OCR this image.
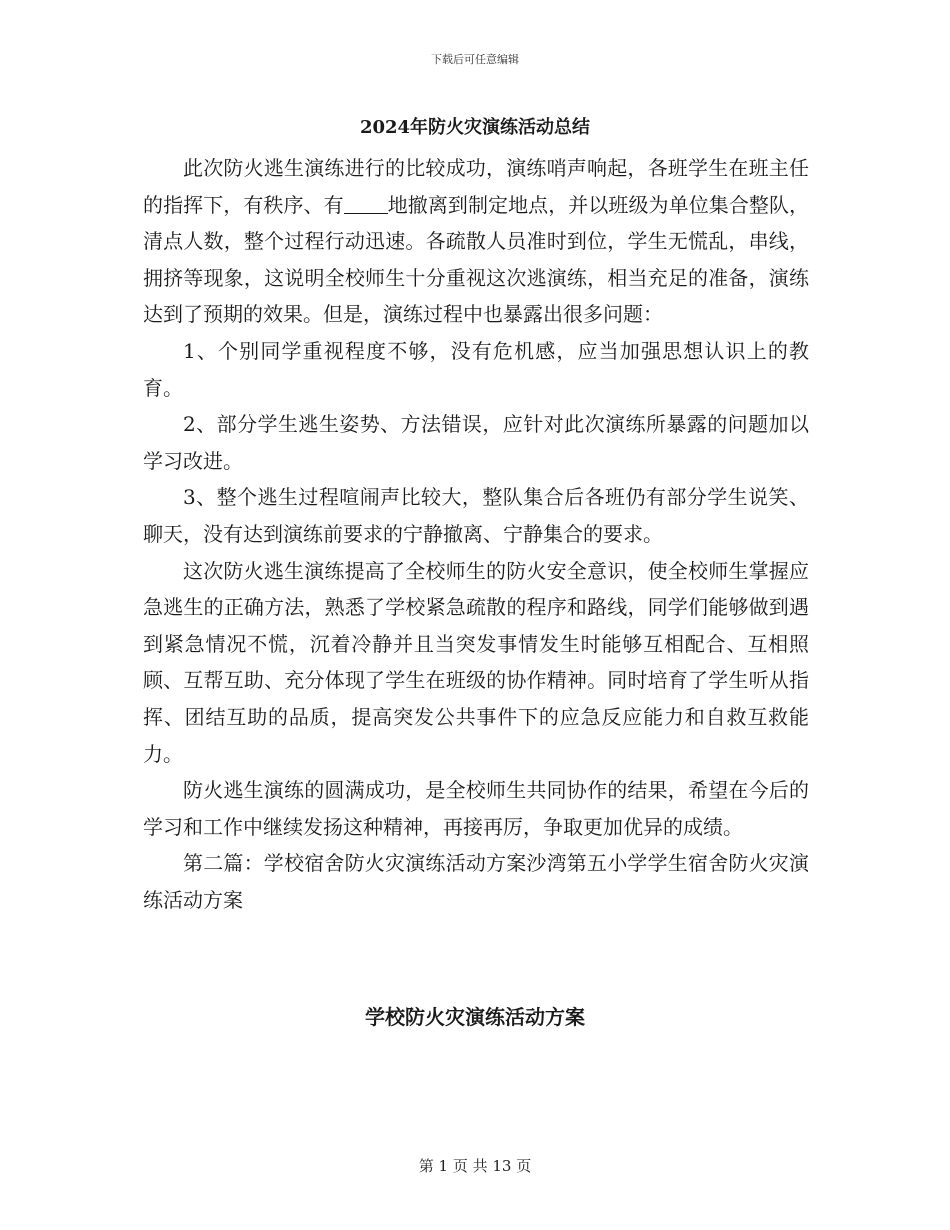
下载后可任意编辑
2024年防火灾演练活动总结

此次防火逃生演练进行的比较成功，演练哨声响起，各班学生在班主任的指挥下，有秩序、有 地撤离到制定地点，并以班级为单位集合整队，清点人数，整个过程行动迅速。各疏散人员准时到位，学生无慌乱，串线，拥挤等现象，这说明全校师生十分重视这次逃演练，相当充足的准备，演练达到了预期的效果。但是，演练过程中也暴露出很多问题：

1、个别同学重视程度不够，没有危机感，应当加强思想认识上的教育。

2、部分学生逃生姿势、方法错误，应针对此次演练所暴露的问题加以学习改进。

3、整个逃生过程喧闹声比较大，整队集合后各班仍有部分学生说笑、聊天，没有达到演练前要求的宁静撤离、宁静集合的要求。

这次防火逃生演练提高了全校师生的防火安全意识，使全校师生掌握应急逃生的正确方法，熟悉了学校紧急疏散的程序和路线，同学们能够做到遇到紧急情况不慌，沉着冷静并且当突发事情发生时能够互相配合、互相照顾、互帮互助、充分体现了学生在班级的协作精神。同时培育了学生听从指挥、团结互助的品质，提高突发公共事件下的应急反应能力和自救互救能力。

防火逃生演练的圆满成功，是全校师生共同协作的结果，希望在今后的学习和工作中继续发扬这种精神，再接再厉，争取更加优异的成绩。

第二篇：学校宿舍防火灾演练活动方案沙湾第五小学学生宿舍防火灾演练活动方案

学校防火灾演练活动方案
第 1 页 共 13 页
